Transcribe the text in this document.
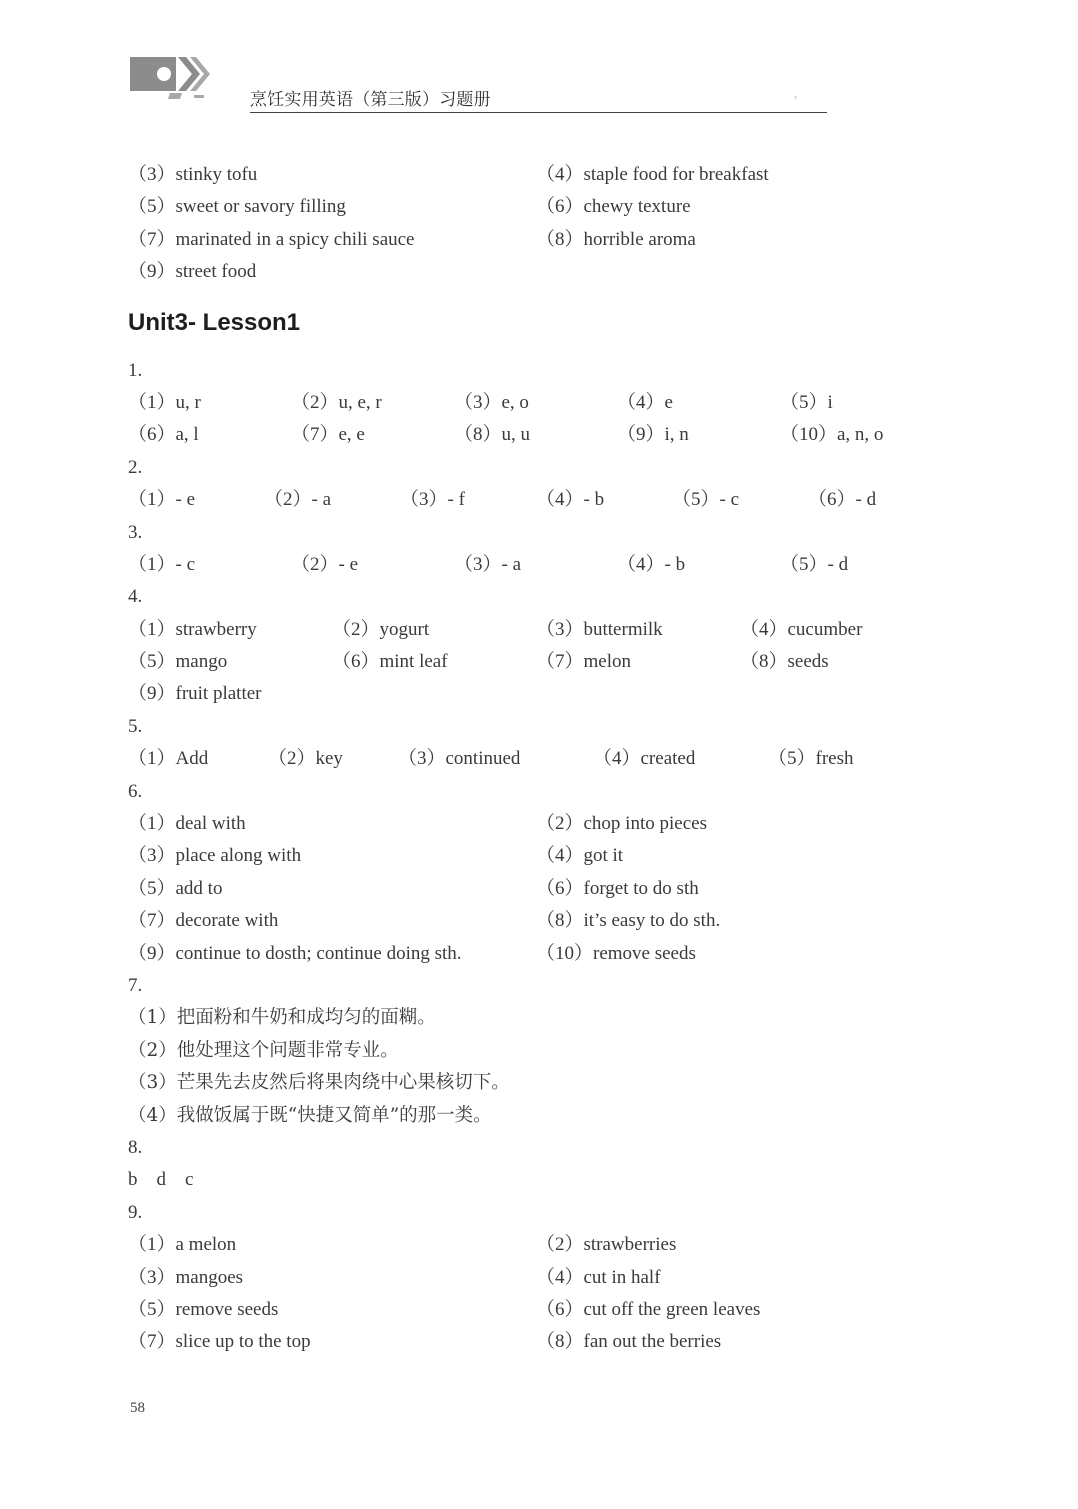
烹饪实用英语（第三版）习题册	◦
（3）stinky tofu	（4）staple food for breakfast
（5）sweet or savory filling	（6）chewy texture
（7）marinated in a spicy chili sauce	（8）horrible aroma
（9）street food
Unit3- Lesson1
1.
（1）u, r	（2）u, e, r	（3）e, o	（4）e	（5）i
（6）a, l	（7）e, e	（8）u, u	（9）i, n	（10）a, n, o
2.
（1）- e	（2）- a	（3）- f	（4）- b	（5）- c	（6）- d
3.
（1）- c	（2）- e	（3）- a	（4）- b	（5）- d
4.
（1）strawberry	（2）yogurt	（3）buttermilk	（4）cucumber
（5）mango	（6）mint leaf	（7）melon	（8）seeds
（9）fruit platter
5.
（1）Add	（2）key	（3）continued	（4）created	（5）fresh
6.
（1）deal with	（2）chop into pieces
（3）place along with	（4）got it
（5）add to	（6）forget to do sth
（7）decorate with	（8）it’s easy to do sth.
（9）continue to dosth; continue doing sth.	（10）remove seeds
7.
（1）把面粉和牛奶和成均匀的面糊。
（2）他处理这个问题非常专业。
（3）芒果先去皮然后将果肉绕中心果核切下。
（4）我做饭属于既“快捷又简单”的那一类。
8.
b　d　c
9.
（1）a melon	（2）strawberries
（3）mangoes	（4）cut in half
（5）remove seeds	（6）cut off the green leaves
（7）slice up to the top	（8）fan out the berries
58
